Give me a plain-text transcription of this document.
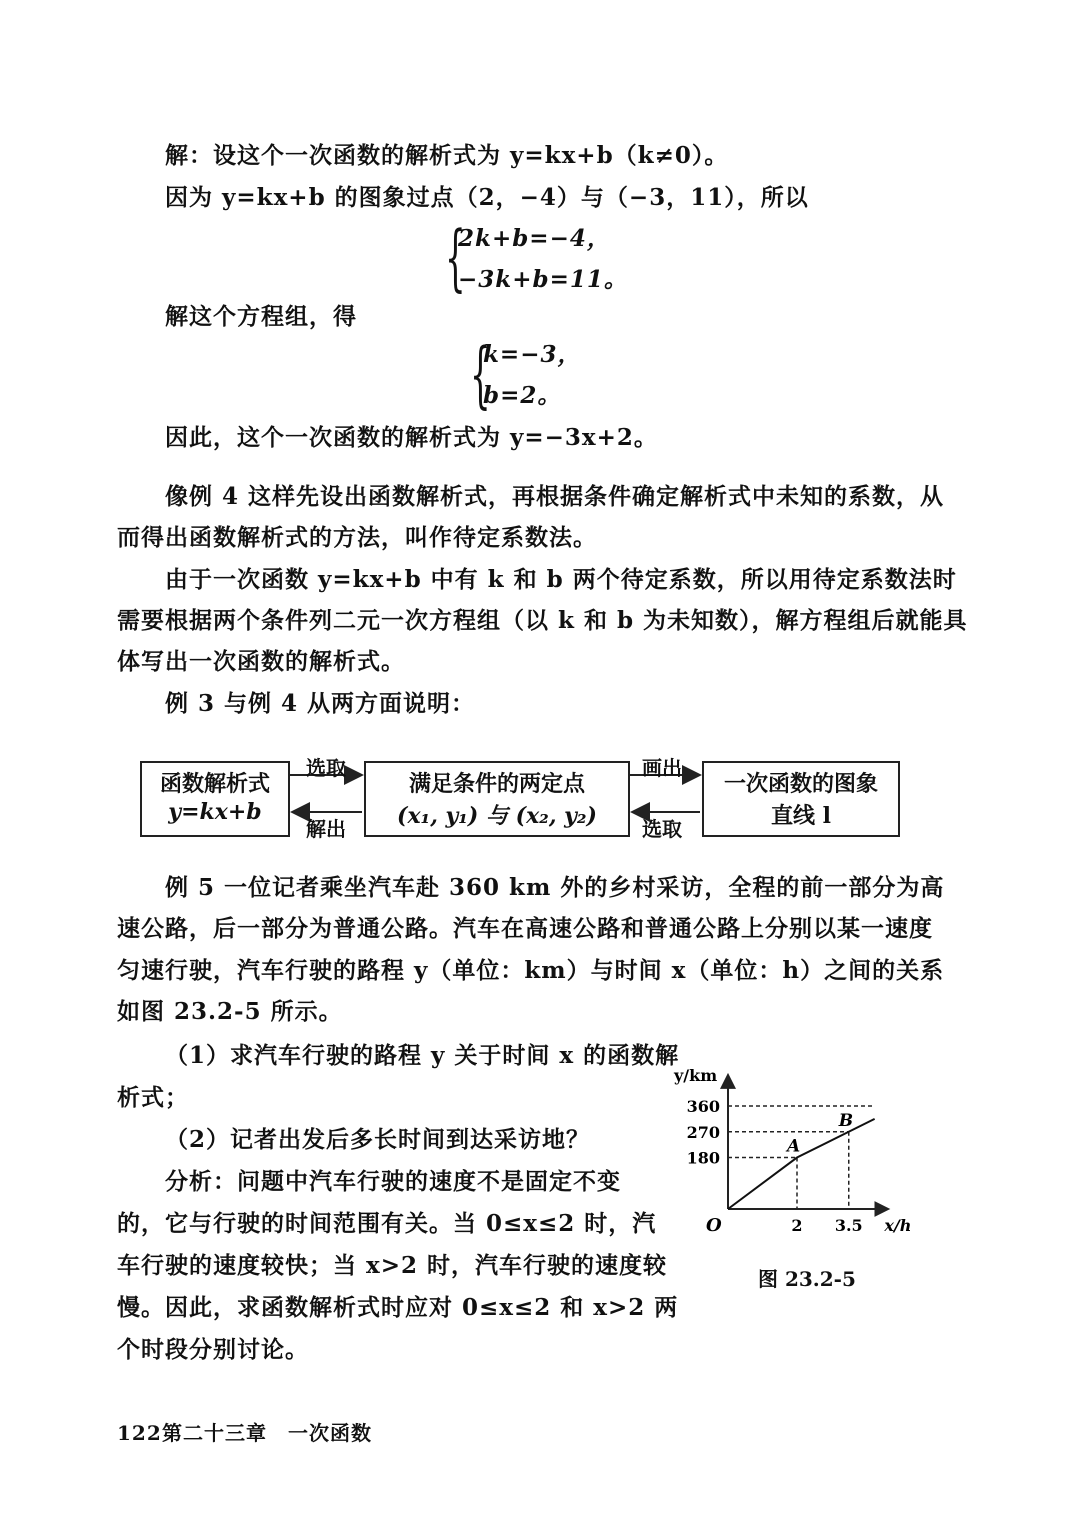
解：设这个一次函数的解析式为 y=kx+b（k≠0）。
因为 y=kx+b 的图象过点（2，−4）与（−3，11），所以
{
2k+b=−4，
−3k+b=11。
解这个方程组，得
{
k=−3，
b=2。
因此，这个一次函数的解析式为 y=−3x+2。
像例 4 这样先设出函数解析式，再根据条件确定解析式中未知的系数，从
而得出函数解析式的方法，叫作待定系数法。
由于一次函数 y=kx+b 中有 k 和 b 两个待定系数，所以用待定系数法时
需要根据两个条件列二元一次方程组（以 k 和 b 为未知数），解方程组后就能具
体写出一次函数的解析式。
例 3 与例 4 从两方面说明：
函数解析式
y=kx+b
满足条件的两定点
(x₁, y₁) 与 (x₂, y₂)
一次函数的图象
直线 l
选取
解出
画出
选取
例 5 一位记者乘坐汽车赴 360 km 外的乡村采访，全程的前一部分为高
速公路，后一部分为普通公路。汽车在高速公路和普通公路上分别以某一速度
匀速行驶，汽车行驶的路程 y（单位：km）与时间 x（单位：h）之间的关系
如图 23.2-5 所示。
（1）求汽车行驶的路程 y 关于时间 x 的函数解
析式；
（2）记者出发后多长时间到达采访地？
分析：问题中汽车行驶的速度不是固定不变
的，它与行驶的时间范围有关。当 0≤x≤2 时，汽
车行驶的速度较快；当 x>2 时，汽车行驶的速度较
慢。因此，求函数解析式时应对 0≤x≤2 和 x>2 两
个时段分别讨论。
x/h
y/km
O
180
270
360
2 3.5
A
B
图 23.2-5
122 第二十三章　一次函数
